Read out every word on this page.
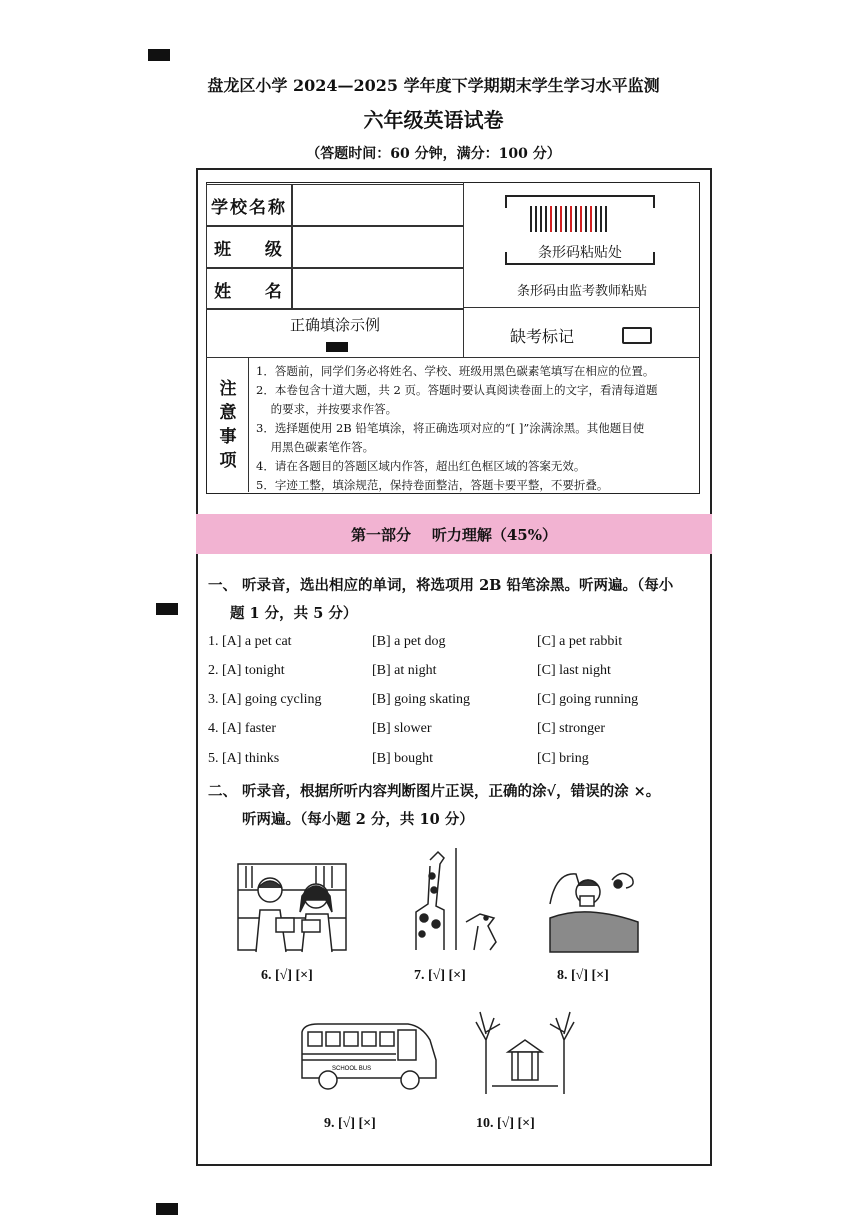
盘龙区小学 2024—2025 学年度下学期期末学生学习水平监测
六年级英语试卷
（答题时间：60 分钟，满分：100 分）
学校名称
班    级
姓    名
条形码粘贴处
条形码由监考教师粘贴
正确填涂示例
缺考标记
注
意
事
项
1．答题前，同学们务必将姓名、学校、班级用黑色碳素笔填写在相应的位置。
2．本卷包含十道大题，共 2 页。答题时要认真阅读卷面上的文字，看清每道题
的要求，并按要求作答。
3．选择题使用 2B 铅笔填涂，将正确选项对应的“[ ]”涂满涂黑。其他题目使
用黑色碳素笔作答。
4．请在各题目的答题区域内作答，超出红色框区域的答案无效。
5．字迹工整，填涂规范，保持卷面整洁，答题卡要平整，不要折叠。
第一部分    听力理解（45%）
一、 听录音，选出相应的单词，将选项用 2B 铅笔涂黑。听两遍。（每小
题 1 分，共 5 分）
1. [A] a pet cat	[B] a pet dog	[C] a pet rabbit
2. [A] tonight	[B] at night	[C] last night
3. [A] going cycling	[B] going skating	[C] going running
4. [A] faster	[B] slower	[C] stronger
5. [A] thinks	[B] bought	[C] bring
二、 听录音，根据所听内容判断图片正误，正确的涂√，错误的涂 ×。
听两遍。（每小题 2 分，共 10 分）
6. [√] [×]	7. [√] [×]	8. [√] [×]
SCHOOL BUS
9. [√] [×]	10. [√] [×]
